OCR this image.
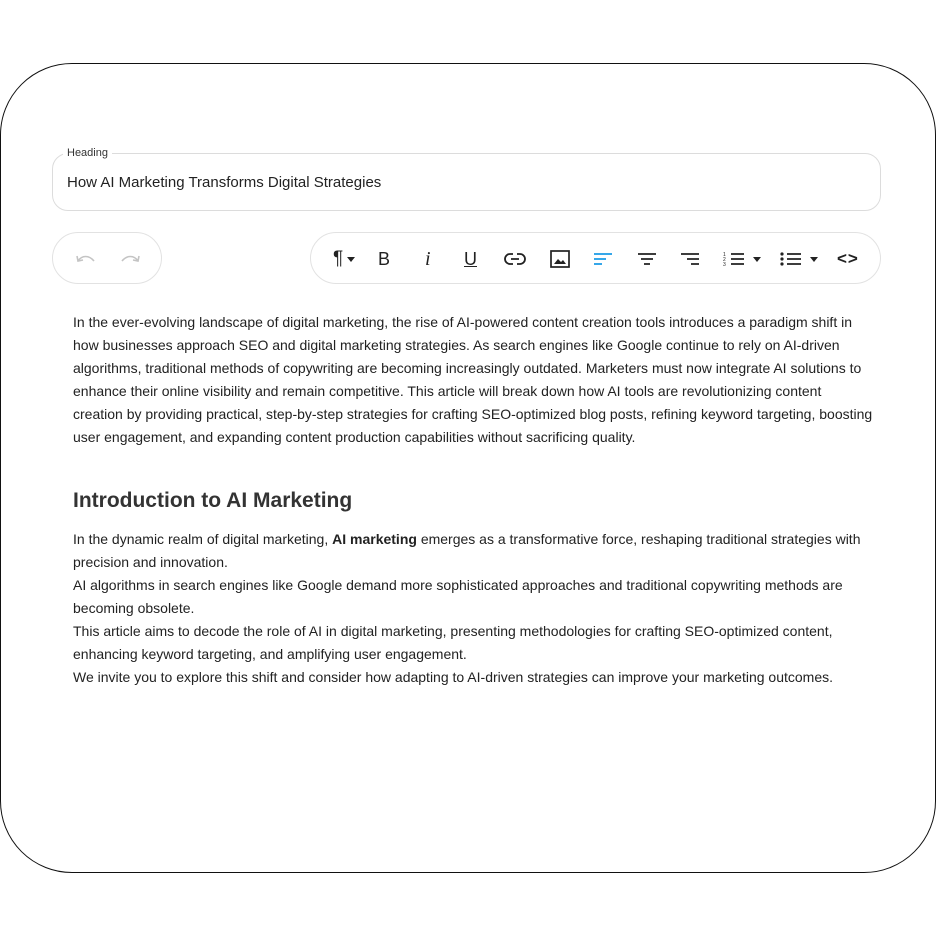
Heading
How AI Marketing Transforms Digital Strategies
¶ B i U	1
2
3	<>

In the ever-evolving landscape of digital marketing, the rise of AI-powered content creation tools introduces a paradigm shift in how businesses approach SEO and digital marketing strategies. As search engines like Google continue to rely on AI-driven algorithms, traditional methods of copywriting are becoming increasingly outdated. Marketers must now integrate AI solutions to enhance their online visibility and remain competitive. This article will break down how AI tools are revolutionizing content creation by providing practical, step-by-step strategies for crafting SEO-optimized blog posts, refining keyword targeting, boosting user engagement, and expanding content production capabilities without sacrificing quality.

Introduction to AI Marketing

In the dynamic realm of digital marketing, AI marketing emerges as a transformative force, reshaping traditional strategies with precision and innovation.

AI algorithms in search engines like Google demand more sophisticated approaches and traditional copywriting methods are becoming obsolete.

This article aims to decode the role of AI in digital marketing, presenting methodologies for crafting SEO-optimized content, enhancing keyword targeting, and amplifying user engagement.

We invite you to explore this shift and consider how adapting to AI-driven strategies can improve your marketing outcomes.
